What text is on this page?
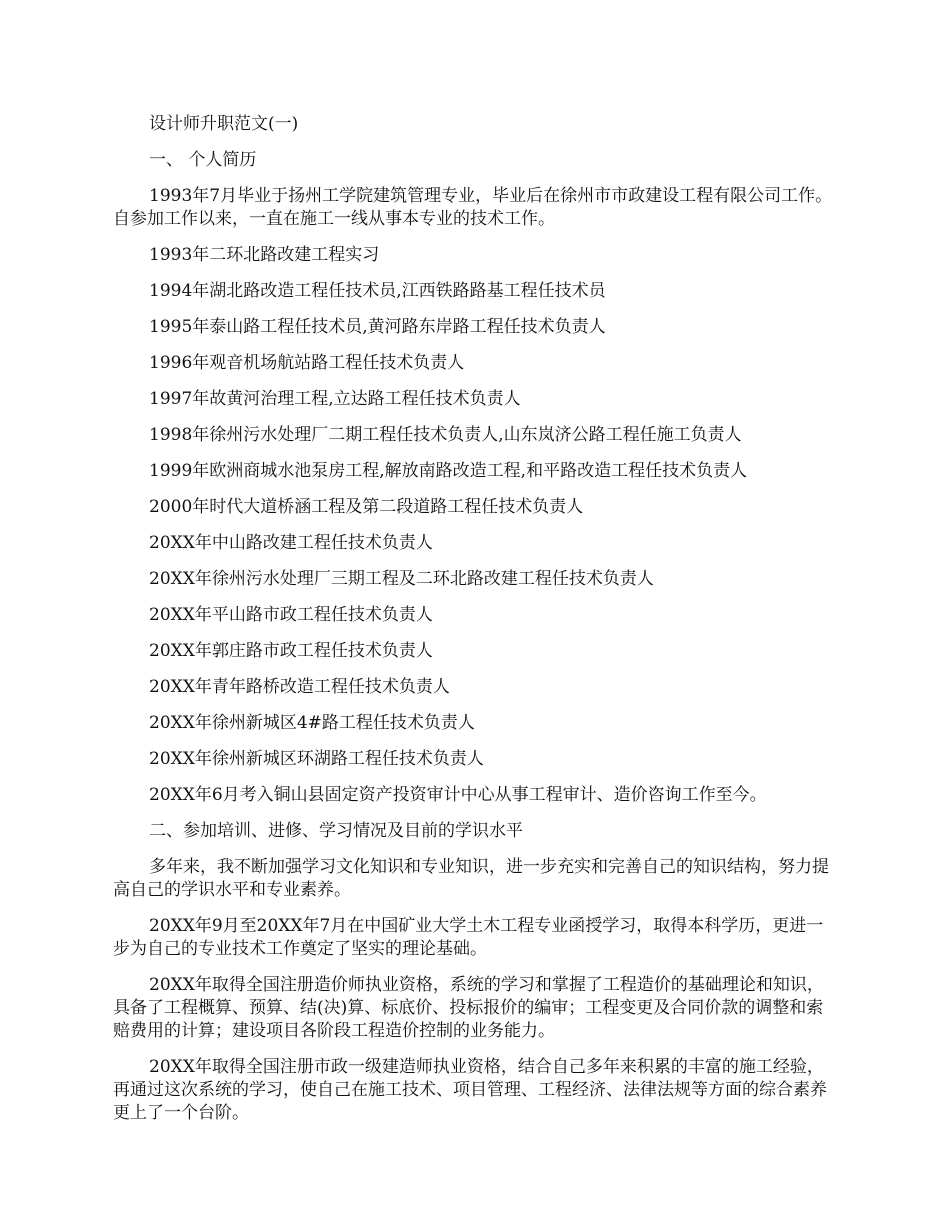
设计师升职范文(一)

一、 个人简历

1993年7月毕业于扬州工学院建筑管理专业，毕业后在徐州市市政建设工程有限公司工作。自参加工作以来，一直在施工一线从事本专业的技术工作。

1993年二环北路改建工程实习

1994年湖北路改造工程任技术员,江西铁路路基工程任技术员

1995年泰山路工程任技术员,黄河路东岸路工程任技术负责人

1996年观音机场航站路工程任技术负责人

1997年故黄河治理工程,立达路工程任技术负责人

1998年徐州污水处理厂二期工程任技术负责人,山东岚济公路工程任施工负责人

1999年欧洲商城水池泵房工程,解放南路改造工程,和平路改造工程任技术负责人

2000年时代大道桥涵工程及第二段道路工程任技术负责人

20XX年中山路改建工程任技术负责人

20XX年徐州污水处理厂三期工程及二环北路改建工程任技术负责人

20XX年平山路市政工程任技术负责人

20XX年郭庄路市政工程任技术负责人

20XX年青年路桥改造工程任技术负责人

20XX年徐州新城区4#路工程任技术负责人

20XX年徐州新城区环湖路工程任技术负责人

20XX年6月考入铜山县固定资产投资审计中心从事工程审计、造价咨询工作至今。

二、参加培训、进修、学习情况及目前的学识水平

多年来，我不断加强学习文化知识和专业知识，进一步充实和完善自己的知识结构，努力提高自己的学识水平和专业素养。

20XX年9月至20XX年7月在中国矿业大学土木工程专业函授学习，取得本科学历，更进一步为自己的专业技术工作奠定了坚实的理论基础。

20XX年取得全国注册造价师执业资格，系统的学习和掌握了工程造价的基础理论和知识，具备了工程概算、预算、结(决)算、标底价、投标报价的编审；工程变更及合同价款的调整和索赔费用的计算；建设项目各阶段工程造价控制的业务能力。

20XX年取得全国注册市政一级建造师执业资格，结合自己多年来积累的丰富的施工经验，再通过这次系统的学习，使自己在施工技术、项目管理、工程经济、法律法规等方面的综合素养更上了一个台阶。
